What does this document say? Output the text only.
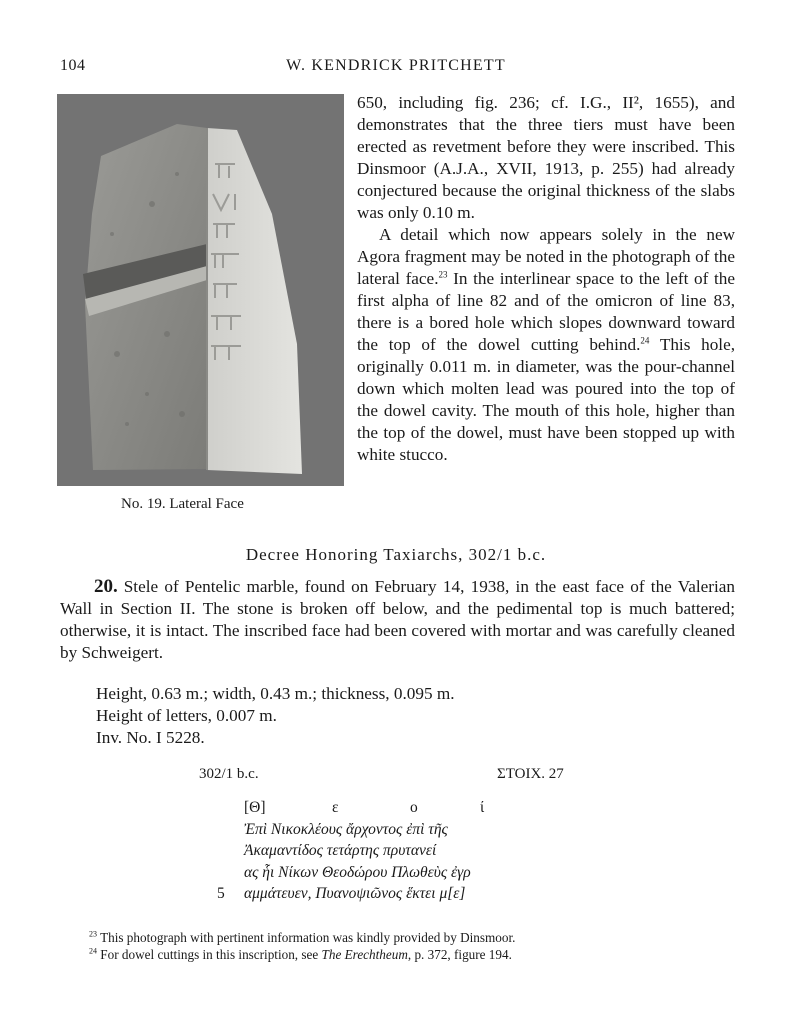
104	W. KENDRICK PRITCHETT
No. 19. Lateral Face

650, including fig. 236; cf. I.G., II², 1655), and demonstrates that the three tiers must have been erected as revetment before they were inscribed. This Dinsmoor (A.J.A., XVII, 1913, p. 255) had already conjectured because the original thickness of the slabs was only 0.10 m.

A detail which now appears solely in the new Agora fragment may be noted in the photograph of the lateral face.$^{23}$ In the interlinear space to the left of the first alpha of line 82 and of the omicron of line 83, there is a bored hole which slopes downward toward the top of the dowel cutting behind.$^{24}$ This hole, originally 0.011 m. in diameter, was the pour-channel down which molten lead was poured into the top of the dowel cavity. The mouth of this hole, higher than the top of the dowel, must have been stopped up with white stucco.

Decree Honoring Taxiarchs, 302/1 b.c.

20. Stele of Pentelic marble, found on February 14, 1938, in the east face of the Valerian Wall in Section II. The stone is broken off below, and the pedimental top is much battered; otherwise, it is intact. The inscribed face had been covered with mortar and was carefully cleaned by Schweigert.

Height, 0.63 m.; width, 0.43 m.; thickness, 0.095 m.
Height of letters, 0.007 m.
Inv. No. I 5228.
302/1 b.c.	ΣΤΟΙΧ. 27
[Θ]	ε	ο	ί
Ἐπὶ Νικοκλέους ἄρχοντος ἐπὶ τῆς
Ἀκαμαντίδος τετάρτης πρυτανεί
ας ἧι Νίκων Θεοδώρου Πλωθεὺς ἐγρ
5 αμμάτευεν, Πυανοψιῶνος ἕκτει μ[ε]
$^{23}$ This photograph with pertinent information was kindly provided by Dinsmoor.
$^{24}$ For dowel cuttings in this inscription, see The Erechtheum, p. 372, figure 194.
